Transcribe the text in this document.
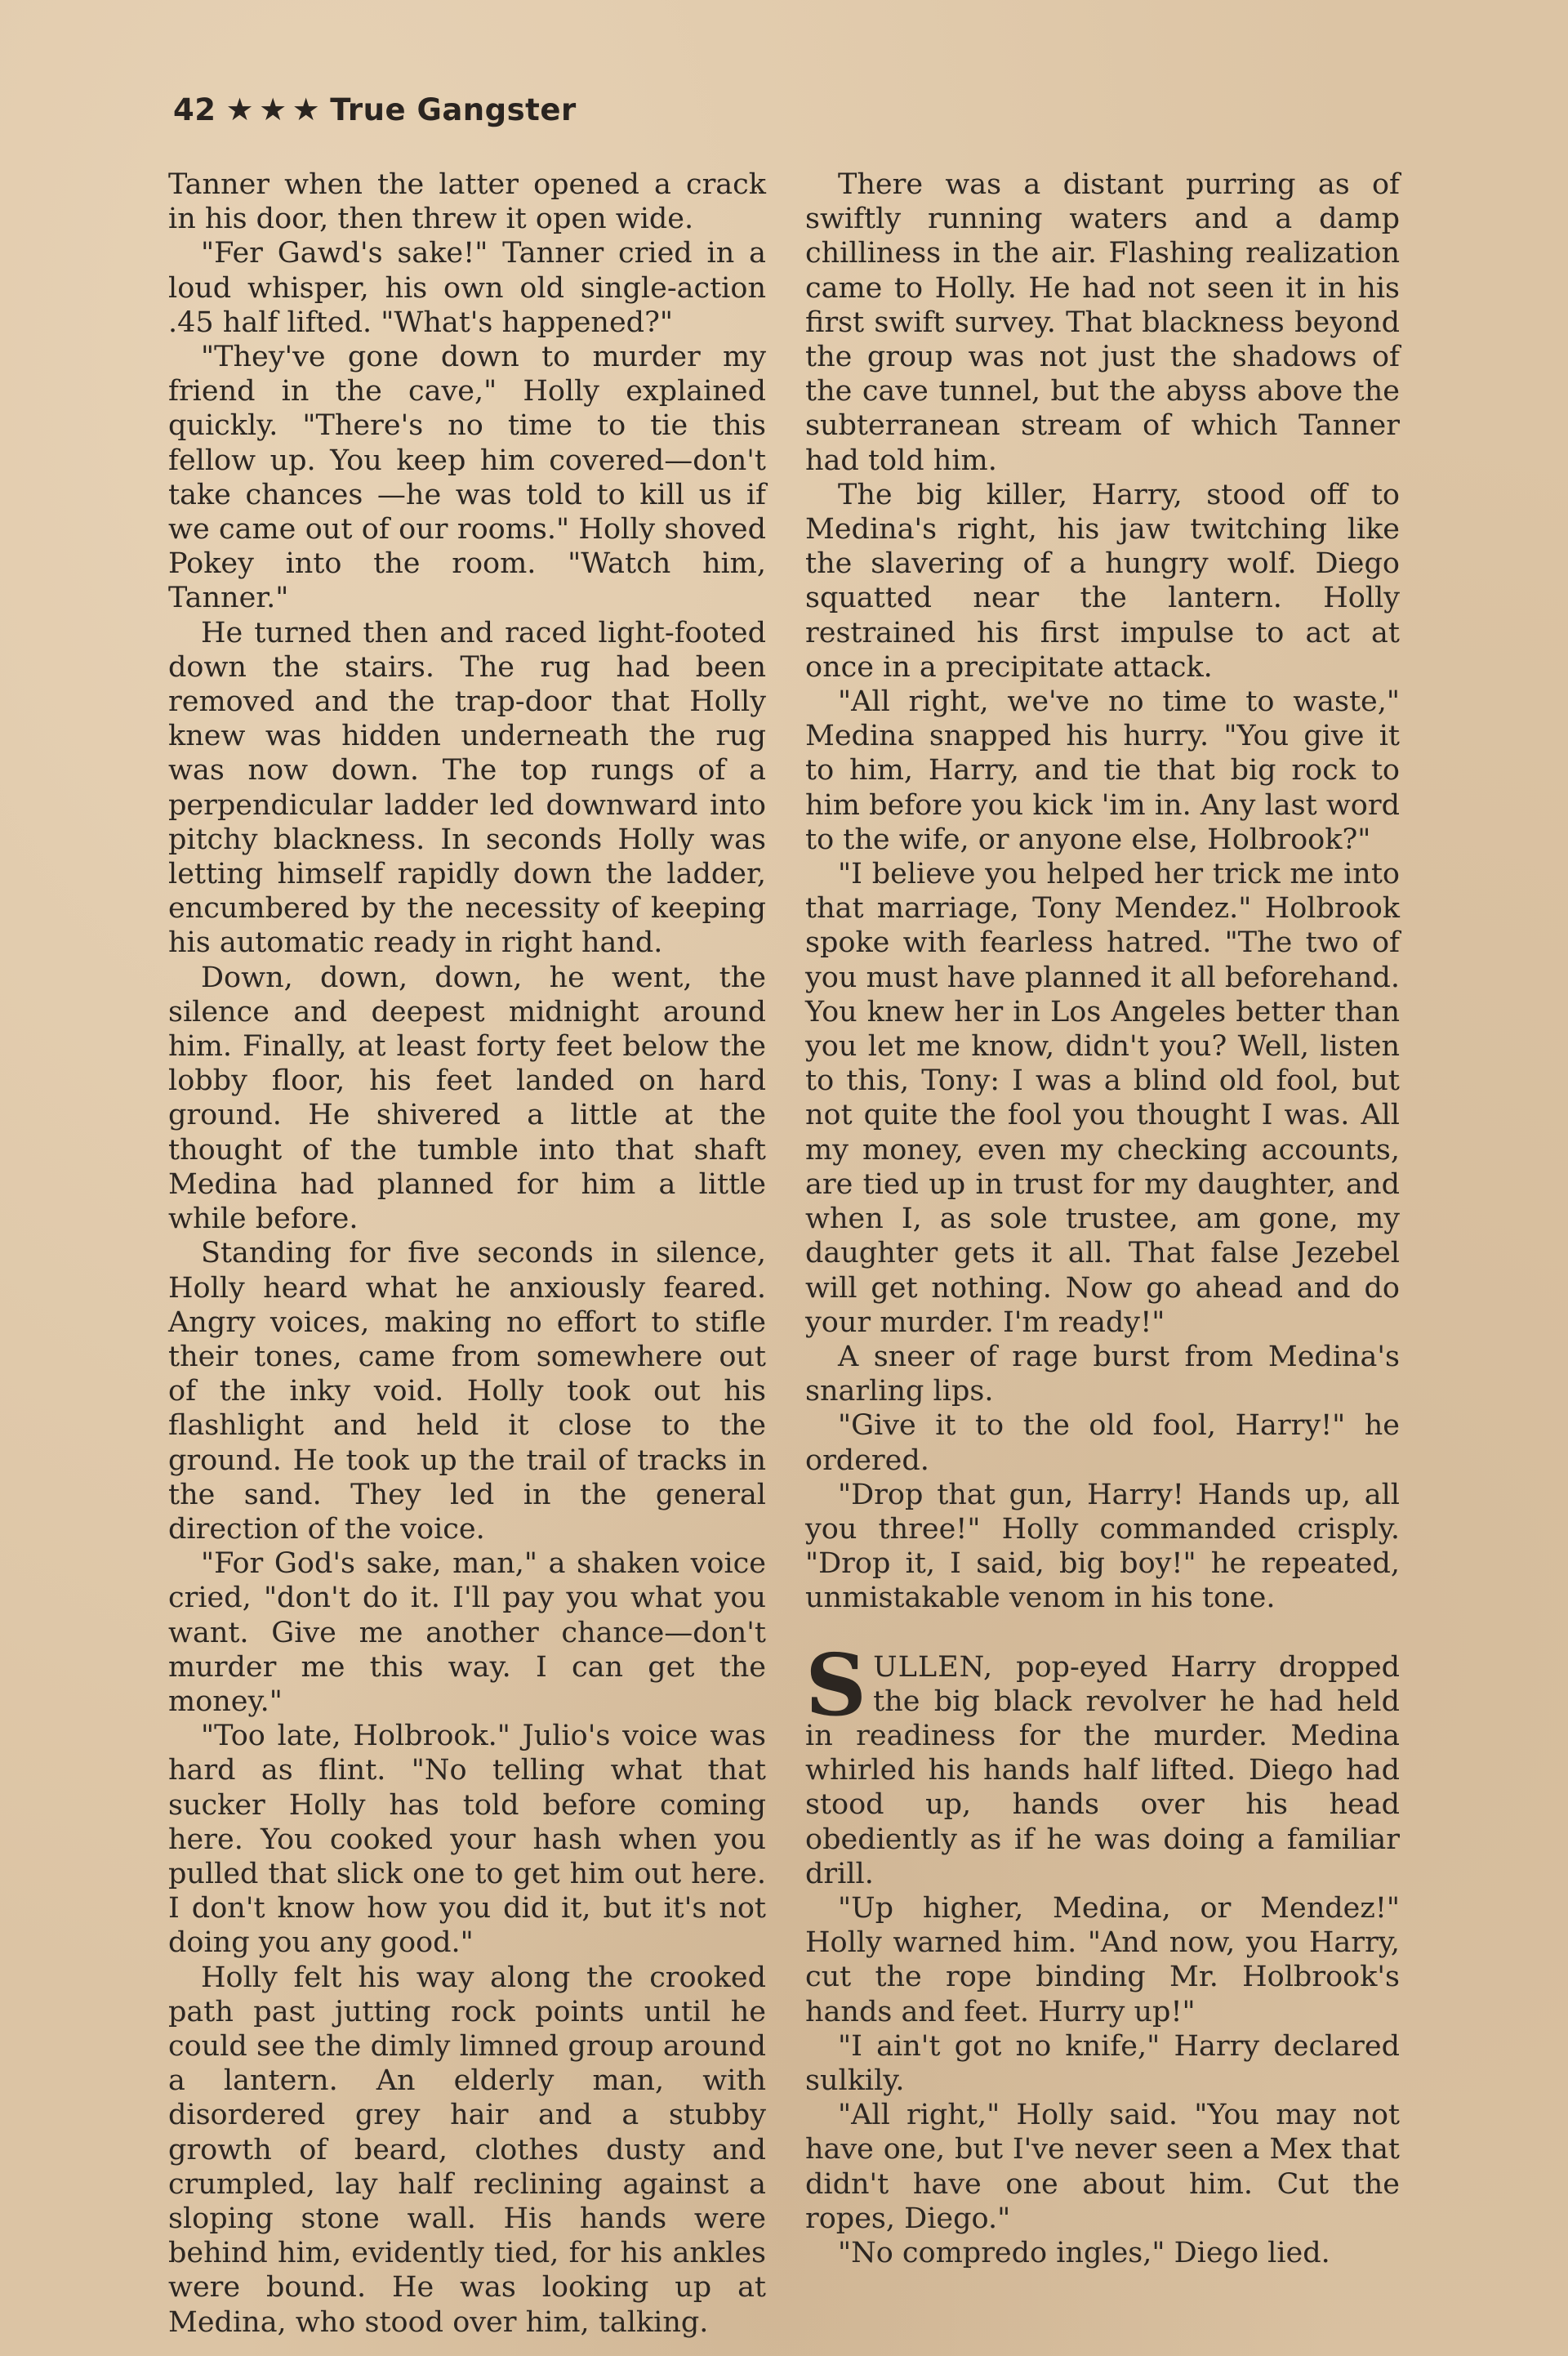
42 ★ ★ ★ True Gangster

Tanner when the latter opened a crack in his door, then threw it open wide.

"Fer Gawd's sake!" Tanner cried in a loud whisper, his own old single-action .45 half lifted. "What's happened?"

"They've gone down to murder my friend in the cave," Holly explained quickly. "There's no time to tie this fellow up. You keep him covered—don't take chances —he was told to kill us if we came out of our rooms." Holly shoved Pokey into the room. "Watch him, Tanner."

He turned then and raced light-footed down the stairs. The rug had been removed and the trap-door that Holly knew was hidden underneath the rug was now down. The top rungs of a perpendicular ladder led downward into pitchy blackness. In seconds Holly was letting himself rapidly down the ladder, encumbered by the necessity of keeping his automatic ready in right hand.

Down, down, down, he went, the silence and deepest midnight around him. Finally, at least forty feet below the lobby floor, his feet landed on hard ground. He shivered a little at the thought of the tumble into that shaft Medina had planned for him a little while before.

Standing for five seconds in silence, Holly heard what he anxiously feared. Angry voices, making no effort to stifle their tones, came from somewhere out of the inky void. Holly took out his flashlight and held it close to the ground. He took up the trail of tracks in the sand. They led in the general direction of the voice.

"For God's sake, man," a shaken voice cried, "don't do it. I'll pay you what you want. Give me another chance—don't murder me this way. I can get the money."

"Too late, Holbrook." Julio's voice was hard as flint. "No telling what that sucker Holly has told before coming here. You cooked your hash when you pulled that slick one to get him out here. I don't know how you did it, but it's not doing you any good."

Holly felt his way along the crooked path past jutting rock points until he could see the dimly limned group around a lantern. An elderly man, with disordered grey hair and a stubby growth of beard, clothes dusty and crumpled, lay half reclining against a sloping stone wall. His hands were behind him, evidently tied, for his ankles were bound. He was looking up at Medina, who stood over him, talking.

There was a distant purring as of swiftly running waters and a damp chilliness in the air. Flashing realization came to Holly. He had not seen it in his first swift survey. That blackness beyond the group was not just the shadows of the cave tunnel, but the abyss above the subterranean stream of which Tanner had told him.

The big killer, Harry, stood off to Medina's right, his jaw twitching like the slavering of a hungry wolf. Diego squatted near the lantern. Holly restrained his first impulse to act at once in a precipitate attack.

"All right, we've no time to waste," Medina snapped his hurry. "You give it to him, Harry, and tie that big rock to him before you kick 'im in. Any last word to the wife, or anyone else, Holbrook?"

"I believe you helped her trick me into that marriage, Tony Mendez." Holbrook spoke with fearless hatred. "The two of you must have planned it all beforehand. You knew her in Los Angeles better than you let me know, didn't you? Well, listen to this, Tony: I was a blind old fool, but not quite the fool you thought I was. All my money, even my checking accounts, are tied up in trust for my daughter, and when I, as sole trustee, am gone, my daughter gets it all. That false Jezebel will get nothing. Now go ahead and do your murder. I'm ready!"

A sneer of rage burst from Medina's snarling lips.

"Give it to the old fool, Harry!" he ordered.

"Drop that gun, Harry! Hands up, all you three!" Holly commanded crisply. "Drop it, I said, big boy!" he repeated, unmistakable venom in his tone.

SULLEN, pop-eyed Harry dropped the big black revolver he had held in readiness for the murder. Medina whirled his hands half lifted. Diego had stood up, hands over his head obediently as if he was doing a familiar drill.

"Up higher, Medina, or Mendez!" Holly warned him. "And now, you Harry, cut the rope binding Mr. Holbrook's hands and feet. Hurry up!"

"I ain't got no knife," Harry declared sulkily.

"All right," Holly said. "You may not have one, but I've never seen a Mex that didn't have one about him. Cut the ropes, Diego."

"No compredo ingles," Diego lied.
